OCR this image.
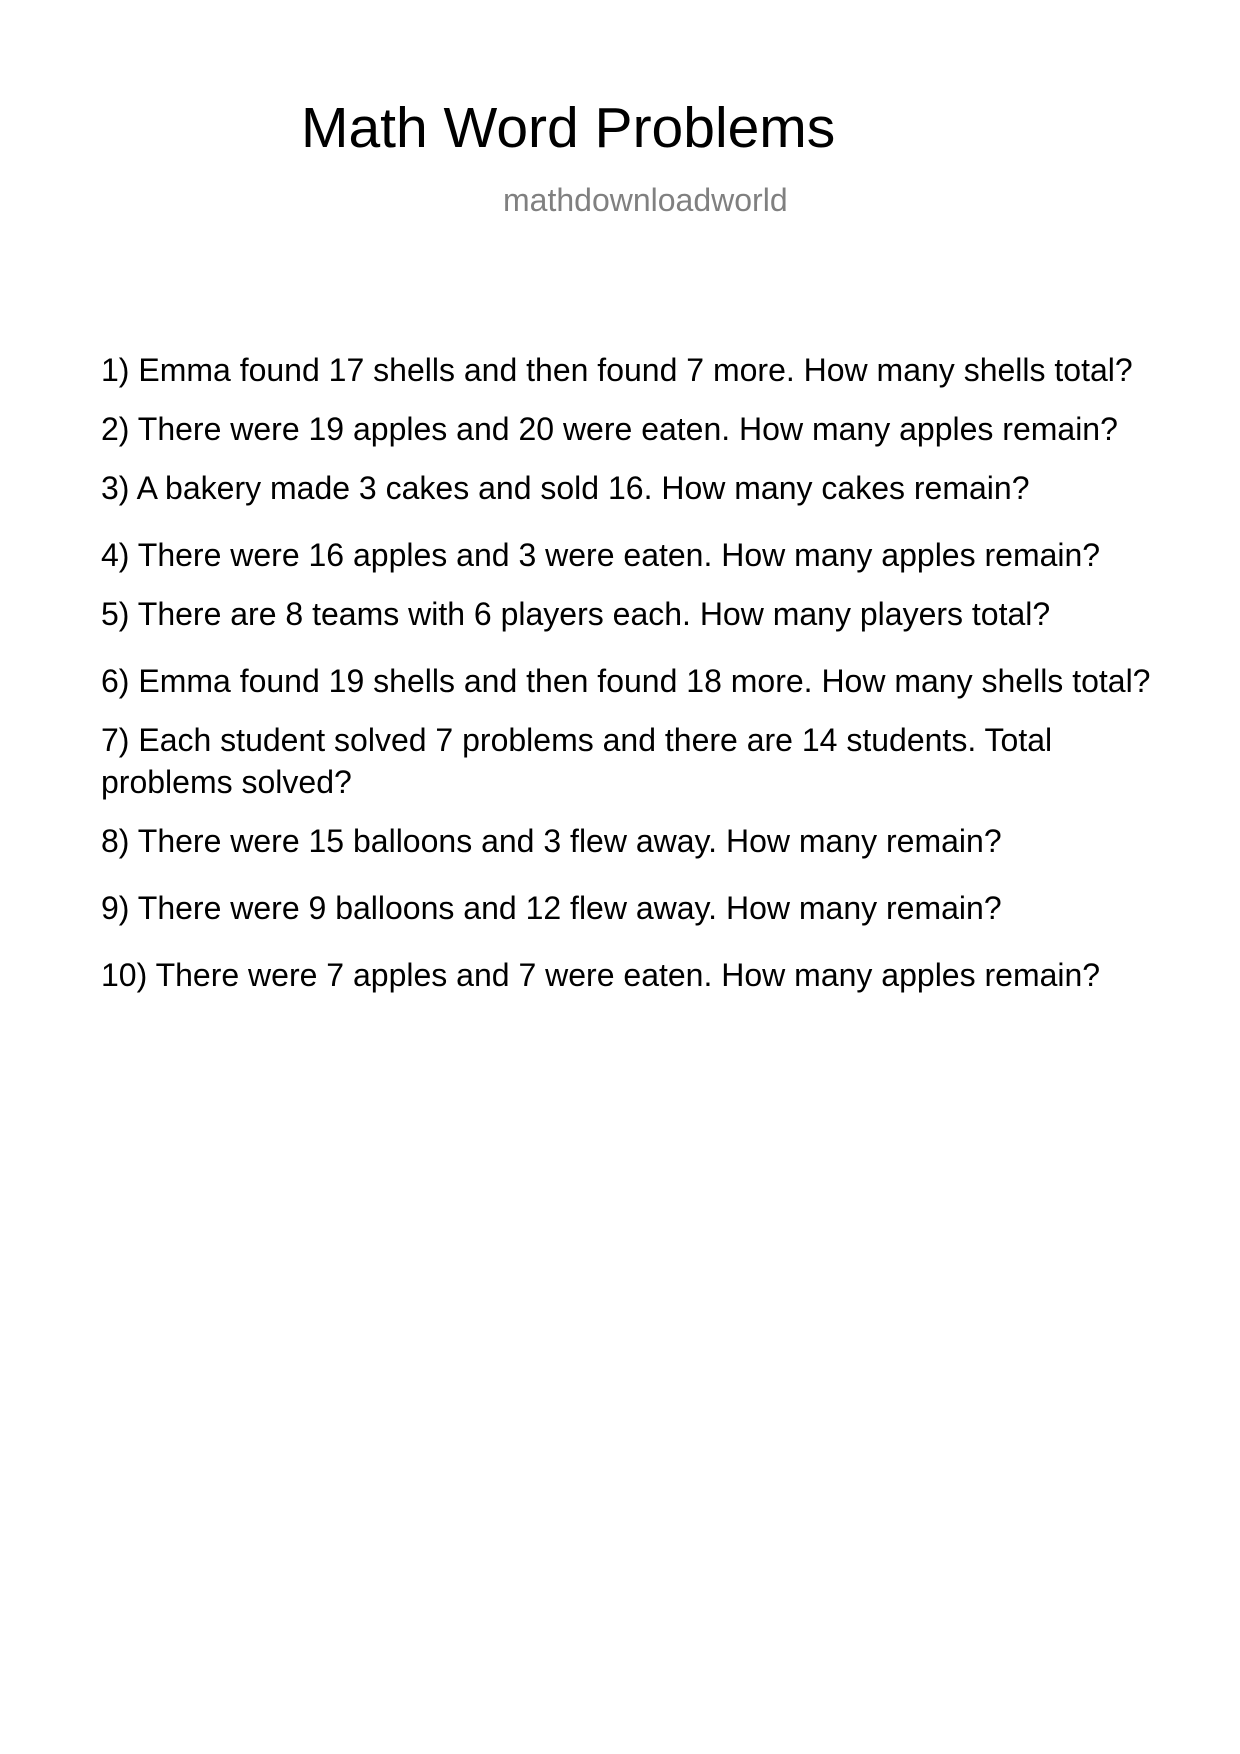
Math Word Problems
mathdownloadworld
1) Emma found 17 shells and then found 7 more. How many shells total?
2) There were 19 apples and 20 were eaten. How many apples remain?
3) A bakery made 3 cakes and sold 16. How many cakes remain?
4) There were 16 apples and 3 were eaten. How many apples remain?
5) There are 8 teams with 6 players each. How many players total?
6) Emma found 19 shells and then found 18 more. How many shells total?
7) Each student solved 7 problems and there are 14 students. Total problems solved?
8) There were 15 balloons and 3 flew away. How many remain?
9) There were 9 balloons and 12 flew away. How many remain?
10) There were 7 apples and 7 were eaten. How many apples remain?
